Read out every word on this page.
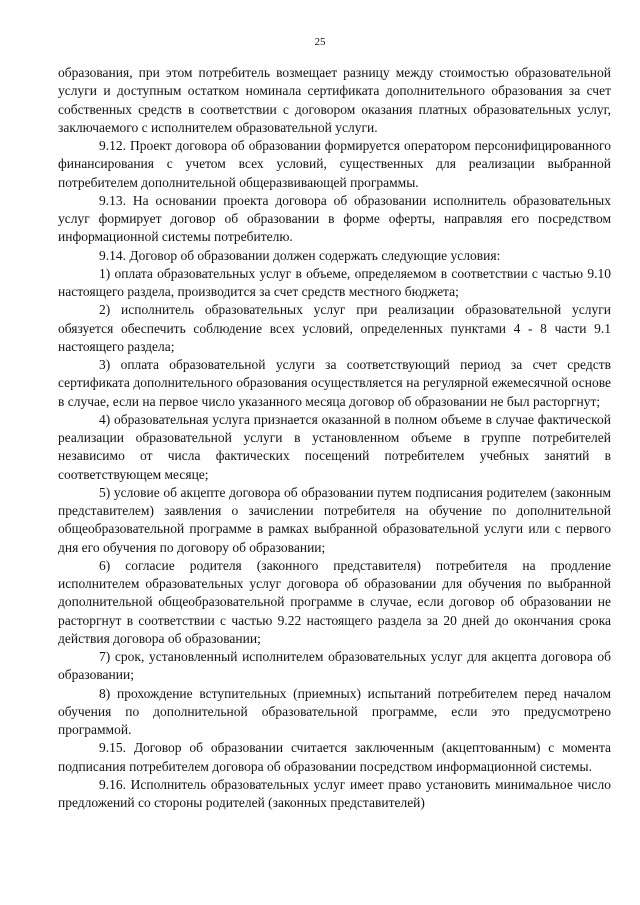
25

образования, при этом потребитель возмещает разницу между стоимостью образовательной услуги и доступным остатком номинала сертификата дополнительного образования за счет собственных средств в соответствии с договором оказания платных образовательных услуг, заключаемого с исполнителем образовательной услуги.

9.12. Проект договора об образовании формируется оператором персонифицированного финансирования с учетом всех условий, существенных для реализации выбранной потребителем дополнительной общеразвивающей программы.

9.13. На основании проекта договора об образовании исполнитель образовательных услуг формирует договор об образовании в форме оферты, направляя его посредством информационной системы потребителю.

9.14. Договор об образовании должен содержать следующие условия:

1) оплата образовательных услуг в объеме, определяемом в соответствии с частью 9.10 настоящего раздела, производится за счет средств местного бюджета;

2) исполнитель образовательных услуг при реализации образовательной услуги обязуется обеспечить соблюдение всех условий, определенных пунктами 4 - 8 части 9.1 настоящего раздела;

3) оплата образовательной услуги за соответствующий период за счет средств сертификата дополнительного образования осуществляется на регулярной ежемесячной основе в случае, если на первое число указанного месяца договор об образовании не был расторгнут;

4) образовательная услуга признается оказанной в полном объеме в случае фактической реализации образовательной услуги в установленном объеме в группе потребителей независимо от числа фактических посещений потребителем учебных занятий в соответствующем месяце;

5) условие об акцепте договора об образовании путем подписания родителем (законным представителем) заявления о зачислении потребителя на обучение по дополнительной общеобразовательной программе в рамках выбранной образовательной услуги или с первого дня его обучения по договору об образовании;

6) согласие родителя (законного представителя) потребителя на продление исполнителем образовательных услуг договора об образовании для обучения по выбранной дополнительной общеобразовательной программе в случае, если договор об образовании не расторгнут в соответствии с частью 9.22 настоящего раздела за 20 дней до окончания срока действия договора об образовании;

7) срок, установленный исполнителем образовательных услуг для акцепта договора об образовании;

8) прохождение вступительных (приемных) испытаний потребителем перед началом обучения по дополнительной образовательной программе, если это предусмотрено программой.

9.15. Договор об образовании считается заключенным (акцептованным) с момента подписания потребителем договора об образовании посредством информационной системы.

9.16. Исполнитель образовательных услуг имеет право установить минимальное число предложений со стороны родителей (законных представителей)
